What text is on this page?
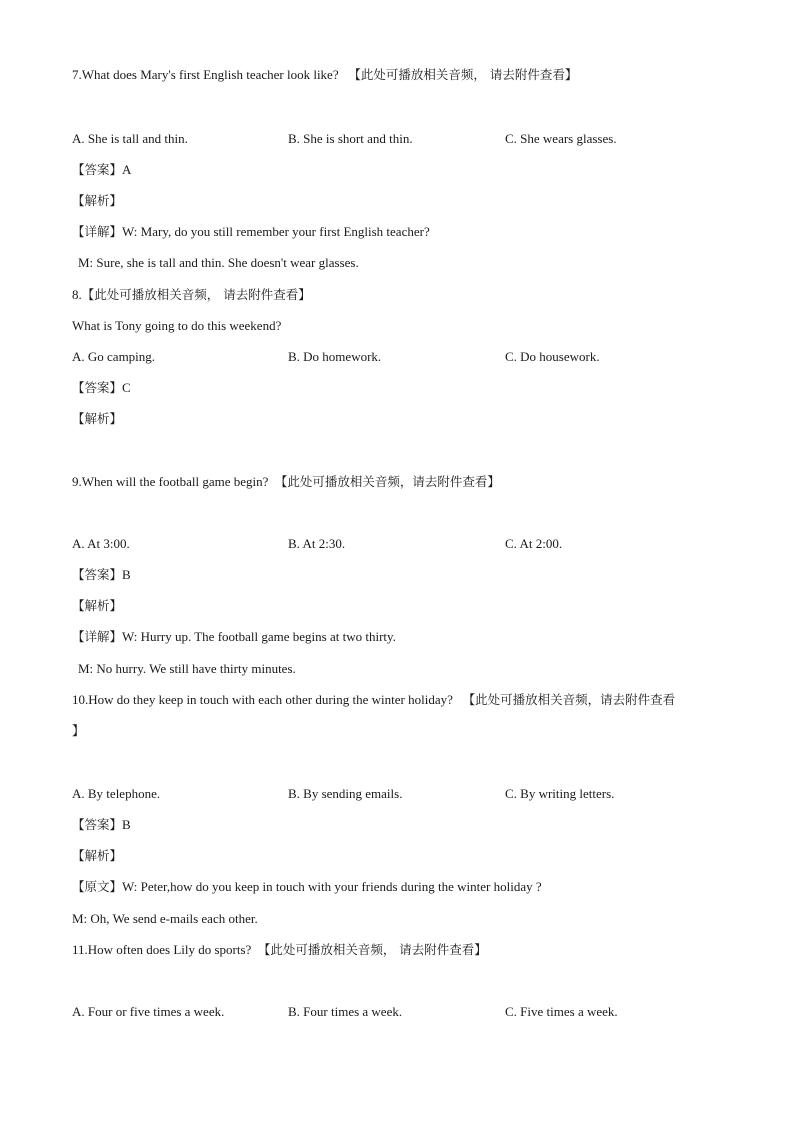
7.What does Mary's first English teacher look like? 【此处可播放相关音频， 请去附件查看】
A. She is tall and thin.	B. She is short and thin.	C. She wears glasses.
【答案】A
【解析】
【详解】W: Mary, do you still remember your first English teacher?
M: Sure, she is tall and thin. She doesn't wear glasses.
8.【此处可播放相关音频， 请去附件查看】
What is Tony going to do this weekend?
A. Go camping.	B. Do homework.	C. Do housework.
【答案】C
【解析】
9.When will the football game begin? 【此处可播放相关音频，请去附件查看】
A. At 3:00.	B. At 2:30.	C. At 2:00.
【答案】B
【解析】
【详解】W: Hurry up. The football game begins at two thirty.
M: No hurry. We still have thirty minutes.
10.How do they keep in touch with each other during the winter holiday? 【此处可播放相关音频，请去附件查看
】
A. By telephone.	B. By sending emails.	C. By writing letters.
【答案】B
【解析】
【原文】W: Peter,how do you keep in touch with your friends during the winter holiday ?
M: Oh, We send e-mails each other.
11.How often does Lily do sports? 【此处可播放相关音频， 请去附件查看】
A. Four or five times a week.	B. Four times a week.	C. Five times a week.
